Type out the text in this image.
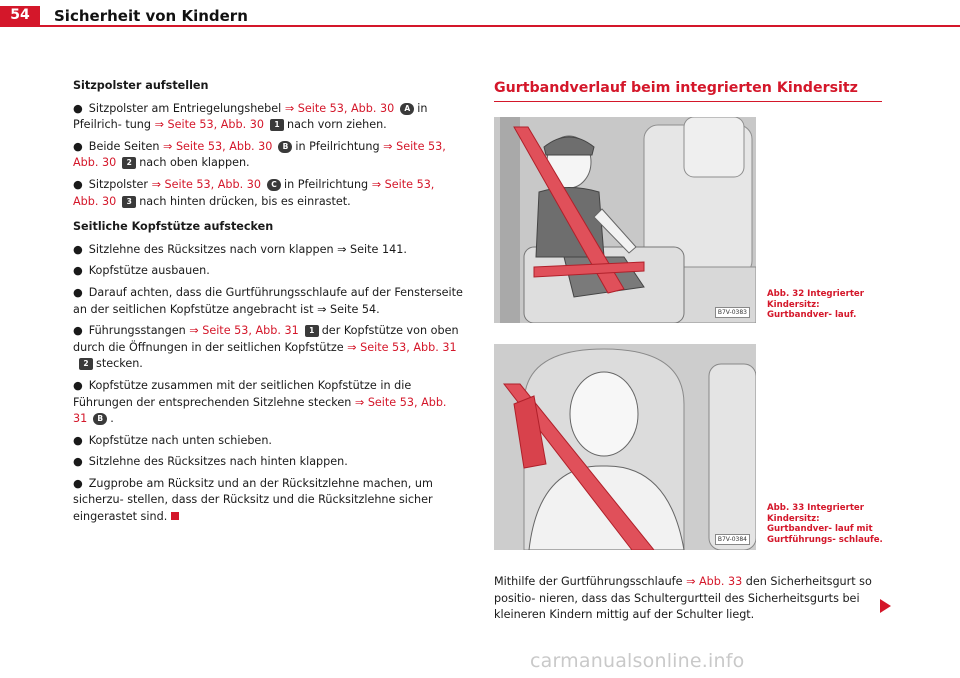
54	Sicherheit von Kindern
Sitzpolster aufstellen
● Sitzpolster am Entriegelungshebel ⇒ Seite 53, Abb. 30 A in Pfeilrich- tung ⇒ Seite 53, Abb. 30 1 nach vorn ziehen.
● Beide Seiten ⇒ Seite 53, Abb. 30 B in Pfeilrichtung ⇒ Seite 53, Abb. 30 2 nach oben klappen.
● Sitzpolster ⇒ Seite 53, Abb. 30 C in Pfeilrichtung ⇒ Seite 53, Abb. 30 3 nach hinten drücken, bis es einrastet.
Seitliche Kopfstütze aufstecken
● Sitzlehne des Rücksitzes nach vorn klappen ⇒ Seite 141.
● Kopfstütze ausbauen.
● Darauf achten, dass die Gurtführungsschlaufe auf der Fensterseite an der seitlichen Kopfstütze angebracht ist ⇒ Seite 54.
● Führungsstangen ⇒ Seite 53, Abb. 31 1 der Kopfstütze von oben durch die Öffnungen in der seitlichen Kopfstütze ⇒ Seite 53, Abb. 312 stecken.
● Kopfstütze zusammen mit der seitlichen Kopfstütze in die Führungen der entsprechenden Sitzlehne stecken ⇒ Seite 53, Abb. 31 B .
● Kopfstütze nach unten schieben.
● Sitzlehne des Rücksitzes nach hinten klappen.
● Zugprobe am Rücksitz und an der Rücksitzlehne machen, um sicherzu- stellen, dass der Rücksitz und die Rücksitzlehne sicher eingerastet sind.
Gurtbandverlauf beim integrierten Kindersitz
B7V-0383
Abb. 32 Integrierter Kindersitz: Gurtbandver- lauf.
B7V-0384
Abb. 33 Integrierter Kindersitz: Gurtbandver- lauf mit Gurtführungs- schlaufe.
Mithilfe der Gurtführungsschlaufe ⇒ Abb. 33 den Sicherheitsgurt so positio- nieren, dass das Schultergurtteil des Sicherheitsgurts bei kleineren Kindern mittig auf der Schulter liegt.
carmanualsonline.info
